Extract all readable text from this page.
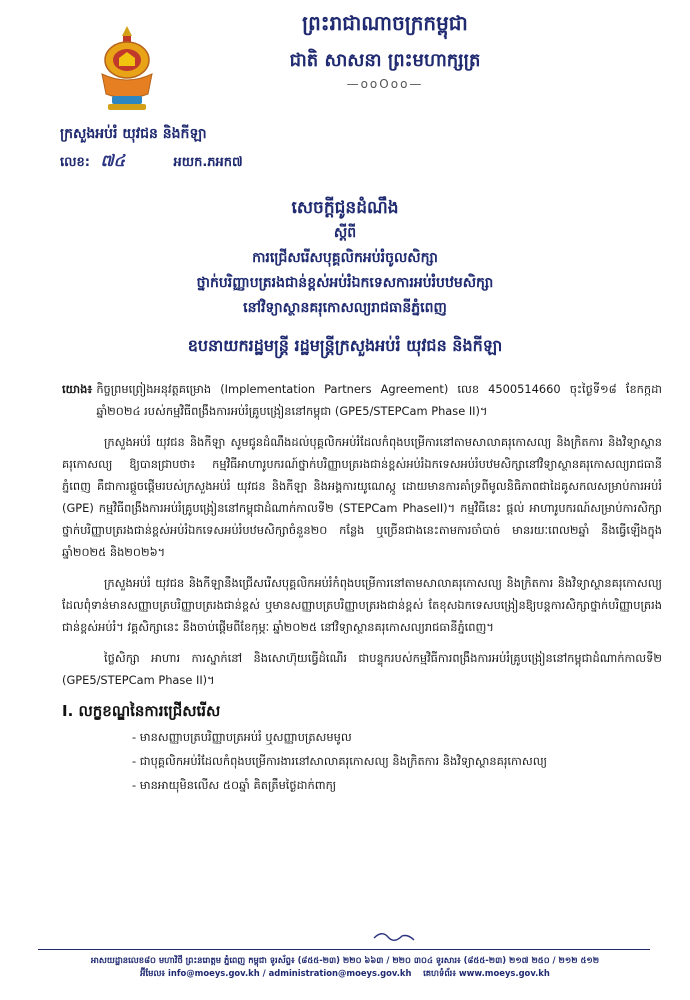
ព្រះរាជាណាចក្រកម្ពុជា
ជាតិ សាសនា ព្រះមហាក្សត្រ
—ooOoo—
ក្រសួងអប់រំ យុវជន និងកីឡា
លេខ: ៧៤	អយក.ភអក៧
សេចក្ដីជូនដំណឹង
ស្ដីពី
ការជ្រើសរើសបុគ្គលិកអប់រំចូលសិក្សា
ថ្នាក់បរិញ្ញាបត្ររងជាន់ខ្ពស់អប់រំឯកទេសការអប់រំបឋមសិក្សា
នៅវិទ្យាស្ថានគរុកោសល្យរាជធានីភ្នំពេញ
ឧបនាយករដ្ឋមន្ត្រី រដ្ឋមន្ត្រីក្រសួងអប់រំ យុវជន និងកីឡា

យោង៖ កិច្ចព្រមព្រៀងអនុវត្តគម្រោង (Implementation Partners Agreement) លេខ 4500514660 ចុះថ្ងៃទី១៨ ខែកក្កដា ឆ្នាំ២០២៤ របស់កម្មវិធីពង្រឹងការអប់រំគ្រូបង្រៀននៅកម្ពុជា (GPE5/STEPCam Phase II)។

ក្រសួងអប់រំ យុវជន និងកីឡា សូមជូនដំណឹងដល់បុគ្គលិកអប់រំដែលកំពុងបម្រើការនៅតាមសាលាគរុកោសល្យ និងក្រិតការ និងវិទ្យាស្ថានគរុកោសល្យ ឱ្យបានជ្រាបថា៖ កម្មវិធីអាហារូបករណ៍ថ្នាក់បរិញ្ញាបត្ររងជាន់ខ្ពស់អប់រំឯកទេសអប់រំបឋមសិក្សានៅវិទ្យាស្ថានគរុកោសល្យរាជធានីភ្នំពេញ គឺជាការផ្ដួចផ្ដើមរបស់ក្រសួងអប់រំ យុវជន និងកីឡា និងអង្គការយូណេស្កូ ដោយមានការគាំទ្រពីមូលនិធិភាពជាដៃគូសកលសម្រាប់ការអប់រំ (GPE) កម្មវិធីពង្រឹងការអប់រំគ្រូបង្រៀននៅកម្ពុជាដំណាក់កាលទី២ (STEPCam PhaseII)។ កម្មវិធីនេះ ផ្ដល់ អាហារូបករណ៍សម្រាប់ការសិក្សាថ្នាក់បរិញ្ញាបត្ររងជាន់ខ្ពស់អប់រំឯកទេសអប់រំបឋមសិក្សាចំនួន២០ កន្លែង ឬច្រើនជាងនេះតាមការចាំបាច់ មានរយៈពេល២ឆ្នាំ នឹងធ្វើឡើងក្នុងឆ្នាំ២០២៥ និង២០២៦។

ក្រសួងអប់រំ យុវជន និងកីឡានឹងជ្រើសរើសបុគ្គលិកអប់រំកំពុងបម្រើការនៅតាមសាលាគរុកោសល្យ និងក្រិតការ និងវិទ្យាស្ថានគរុកោសល្យ ដែលពុំទាន់មានសញ្ញាបត្របរិញ្ញាបត្ររងជាន់ខ្ពស់ ឬមានសញ្ញាបត្របរិញ្ញាបត្ររងជាន់ខ្ពស់ តែខុសឯកទេសបង្រៀនឱ្យបន្តការសិក្សាថ្នាក់បរិញ្ញាបត្ររងជាន់ខ្ពស់អប់រំ។ វគ្គសិក្សានេះ នឹងចាប់ផ្ដើមពីខែកុម្ភៈ ឆ្នាំ២០២៥ នៅវិទ្យាស្ថានគរុកោសល្យរាជធានីភ្នំពេញ។

ថ្លៃសិក្សា អាហារ ការស្នាក់នៅ និងសោហ៊ុយធ្វើដំណើរ ជាបន្ទុករបស់កម្មវិធីការពង្រឹងការអប់រំគ្រូបង្រៀននៅកម្ពុជាដំណាក់កាលទី២ (GPE5/STEPCam Phase II)។

I. លក្ខខណ្ឌនៃការជ្រើសរើស
- មានសញ្ញាបត្របរិញ្ញាបត្រអប់រំ ឬសញ្ញាបត្រសមមូល
- ជាបុគ្គលិកអប់រំដែលកំពុងបម្រើការងារនៅសាលាគរុកោសល្យ និងក្រិតការ និងវិទ្យាស្ថានគរុកោសល្យ
- មានអាយុមិនលើស ៥០ឆ្នាំ គិតត្រឹមថ្ងៃដាក់ពាក្យ
អាសយដ្ឋានលេខ៨០ មហាវិថី ព្រះនរោត្តម ភ្នំពេញ កម្ពុជា ទូរស័ព្ទ៖ (៨៥៥-២៣) ២២០ ៦៦៣ / ២២០ ៣០៤ ទូរសារ៖ (៨៥៥-២៣) ២១៧ ២៥០ / ២១២ ៥១២
អ៊ីមែល៖ info@moeys.gov.kh / administration@moeys.gov.kh គេហទំព័រ៖ www.moeys.gov.kh
